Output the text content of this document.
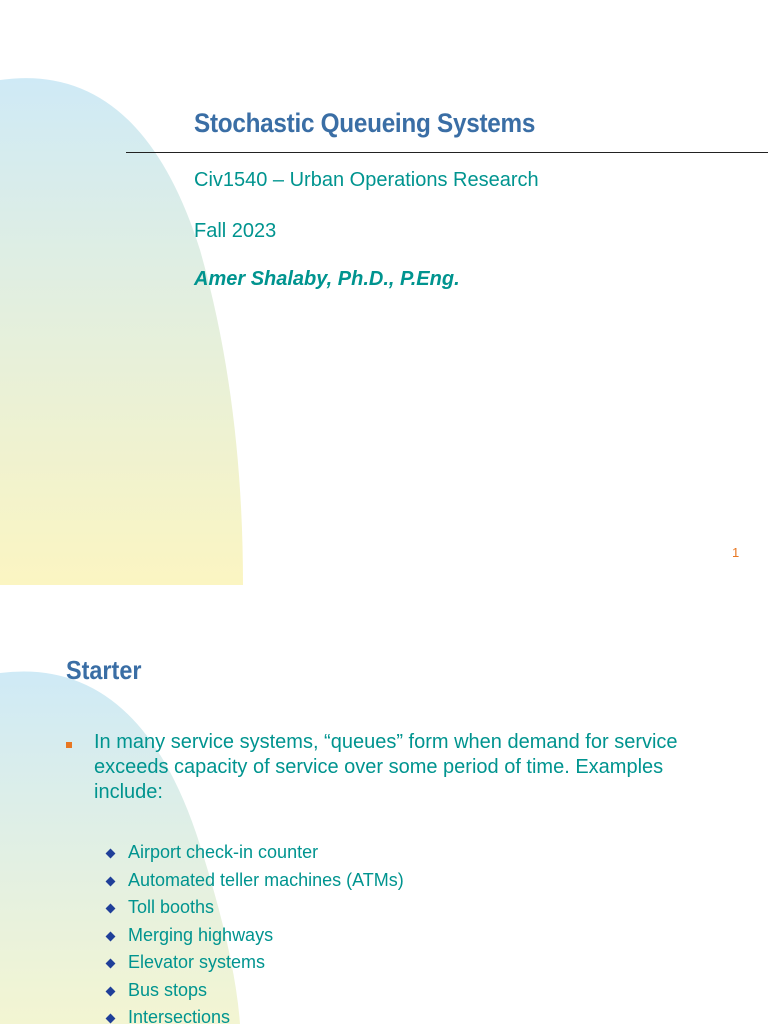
Stochastic Queueing Systems

Civ1540 – Urban Operations Research

Fall 2023

Amer Shalaby, Ph.D., P.Eng.

1
Starter

In many service systems, “queues” form when demand for service exceeds capacity of service over some period of time. Examples include:

Airport check-in counter
Automated teller machines (ATMs)
Toll booths
Merging highways
Elevator systems
Bus stops
Intersections
